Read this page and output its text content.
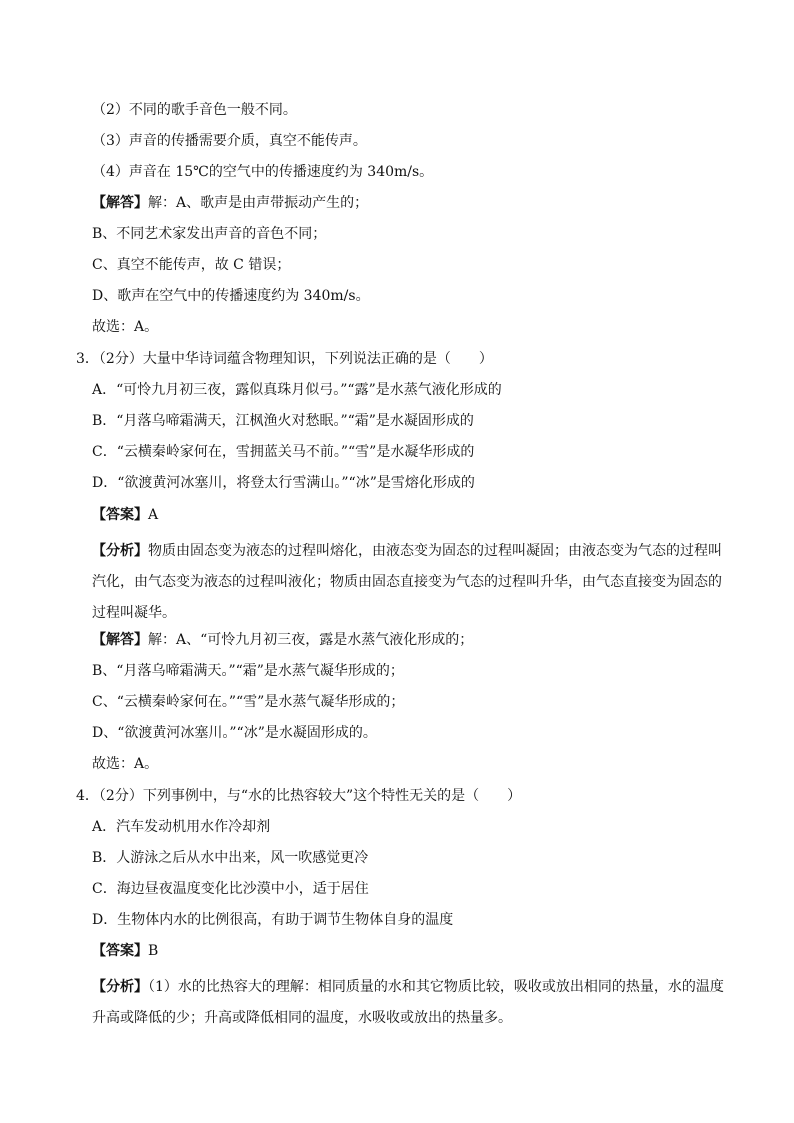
（2）不同的歌手音色一般不同。
（3）声音的传播需要介质，真空不能传声。
（4）声音在 15℃的空气中的传播速度约为 340m/s。
【解答】解：A、歌声是由声带振动产生的；
B、不同艺术家发出声音的音色不同；
C、真空不能传声，故 C 错误；
D、歌声在空气中的传播速度约为 340m/s。
故选：A。
3．（2分）大量中华诗词蕴含物理知识，下列说法正确的是（　　）
A．“可怜九月初三夜，露似真珠月似弓。”“露”是水蒸气液化形成的
B．“月落乌啼霜满天，江枫渔火对愁眠。”“霜”是水凝固形成的
C．“云横秦岭家何在，雪拥蓝关马不前。”“雪”是水凝华形成的
D．“欲渡黄河冰塞川，将登太行雪满山。”“冰”是雪熔化形成的
【答案】A
【分析】物质由固态变为液态的过程叫熔化，由液态变为固态的过程叫凝固；由液态变为气态的过程叫汽化，由气态变为液态的过程叫液化；物质由固态直接变为气态的过程叫升华，由气态直接变为固态的过程叫凝华。
【解答】解：A、“可怜九月初三夜，露是水蒸气液化形成的；
B、“月落乌啼霜满天。”“霜”是水蒸气凝华形成的；
C、“云横秦岭家何在。”“雪”是水蒸气凝华形成的；
D、“欲渡黄河冰塞川。”“冰”是水凝固形成的。
故选：A。
4．（2分）下列事例中，与“水的比热容较大”这个特性无关的是（　　）
A．汽车发动机用水作冷却剂
B．人游泳之后从水中出来，风一吹感觉更冷
C．海边昼夜温度变化比沙漠中小，适于居住
D．生物体内水的比例很高，有助于调节生物体自身的温度
【答案】B
【分析】（1）水的比热容大的理解：相同质量的水和其它物质比较，吸收或放出相同的热量，水的温度升高或降低的少；升高或降低相同的温度，水吸收或放出的热量多。
